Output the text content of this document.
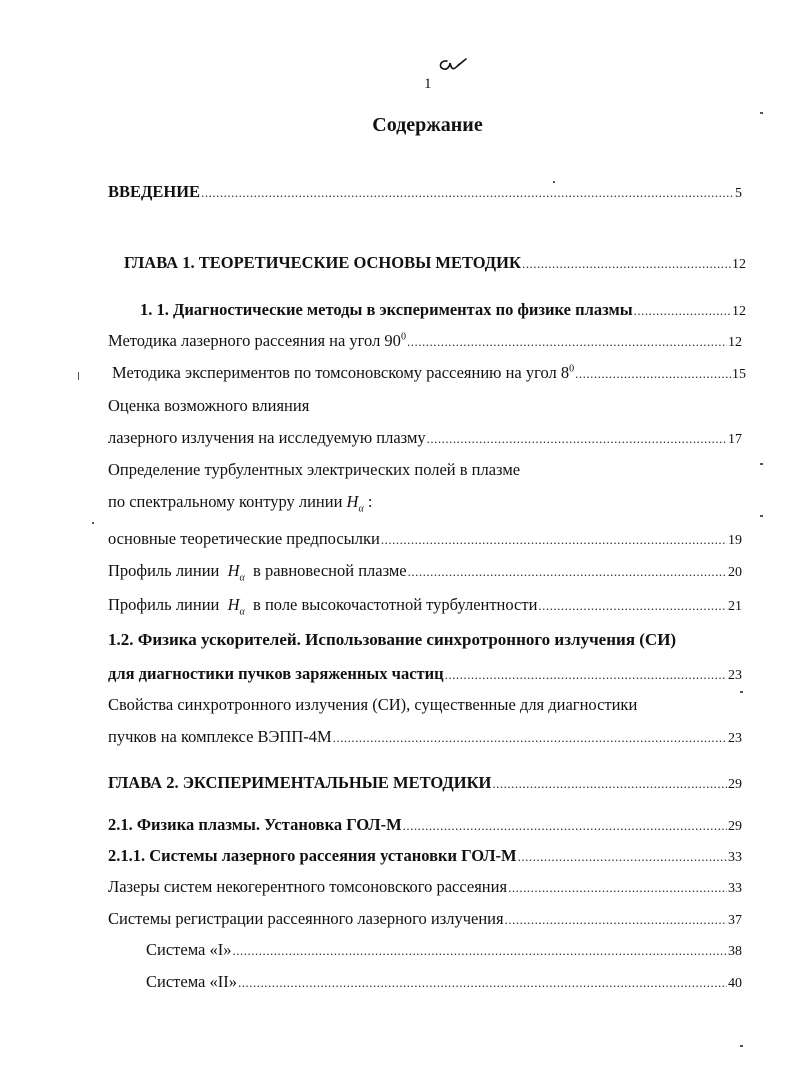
1
Содержание
ВВЕДЕНИЕ .....	5
ГЛАВА 1. ТЕОРЕТИЧЕСКИЕ ОСНОВЫ МЕТОДИК .....	12
1. 1. Диагностические методы в экспериментах по физике плазмы .....	12
Методика лазерного рассеяния на угол $90^0$ .....	12
Методика экспериментов по томсоновскому рассеянию на угол $8^0$ .....	15
Оценка возможного влияния
лазерного излучения на исследуемую плазму .....	17
Определение турбулентных электрических полей в плазме
по спектральному контуру линии $H_\alpha$ :
основные теоретические предпосылки .....	19
Профиль линии $H_\alpha$ в равновесной плазме .....	20
Профиль линии $H_\alpha$ в поле высокочастотной турбулентности .....	21
1.2. Физика ускорителей. Использование синхротронного излучения (СИ)
для диагностики пучков заряженных частиц .....	23
Свойства синхротронного излучения (СИ), существенные для диагностики
пучков на комплексе ВЭПП-4М .....	23
ГЛАВА 2. ЭКСПЕРИМЕНТАЛЬНЫЕ МЕТОДИКИ .....	29
2.1. Физика плазмы. Установка ГОЛ-М .....	29
2.1.1. Системы лазерного рассеяния установки ГОЛ-М .....	33
Лазеры систем некогерентного томсоновского рассеяния .....	33
Системы регистрации рассеянного лазерного излучения .....	37
Система «I» .....	38
Система «II» .....	40
